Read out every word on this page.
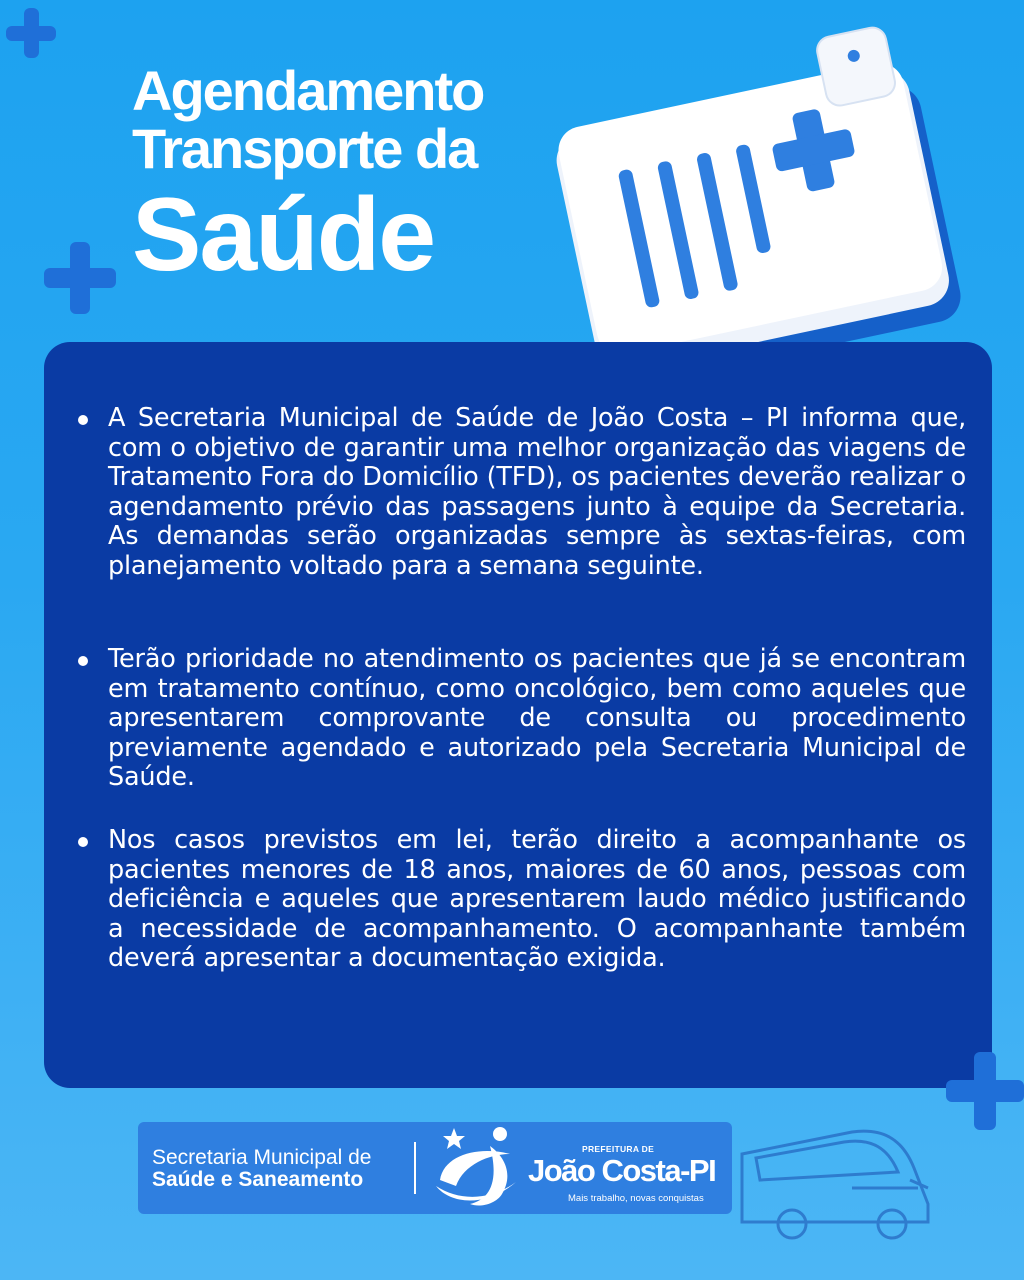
Agendamento
Transporte da
Saúde
A Secretaria Municipal de Saúde de João Costa – PI informa que, com o objetivo de garantir uma melhor organização das viagens de Tratamento Fora do Domicílio (TFD), os pacientes deverão realizar o agendamento prévio das passagens junto à equipe da Secretaria. As demandas serão organizadas sempre às sextas-feiras, com planejamento voltado para a semana seguinte.
Terão prioridade no atendimento os pacientes que já se encontram em tratamento contínuo, como oncológico, bem como aqueles que apresentarem comprovante de consulta ou procedimento previamente agendado e autorizado pela Secretaria Municipal de Saúde.
Nos casos previstos em lei, terão direito a acompanhante os pacientes menores de 18 anos, maiores de 60 anos, pessoas com deficiência e aqueles que apresentarem laudo médico justificando a necessidade de acompanhamento. O acompanhante também deverá apresentar a documentação exigida.
Secretaria Municipal de
Saúde e Saneamento
PREFEITURA DE
João Costa-PI
Mais trabalho, novas conquistas
